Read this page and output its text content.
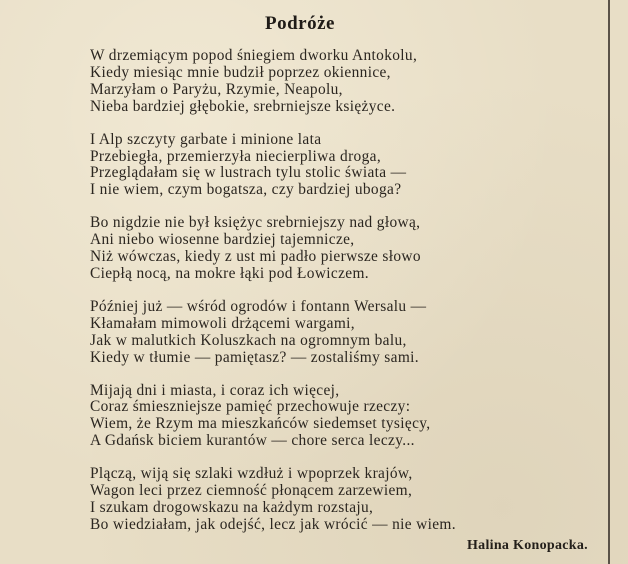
Podróże
W drzemiącym popod śniegiem dworku Antokolu,
Kiedy miesiąc mnie budził poprzez okiennice,
Marzyłam o Paryżu, Rzymie, Neapolu,
Nieba bardziej głębokie, srebrniejsze księżyce.
I Alp szczyty garbate i minione lata
Przebiegła, przemierzyła niecierpliwa droga,
Przeglądałam się w lustrach tylu stolic świata —
I nie wiem, czym bogatsza, czy bardziej uboga?
Bo nigdzie nie był księżyc srebrniejszy nad głową,
Ani niebo wiosenne bardziej tajemnicze,
Niż wówczas, kiedy z ust mi padło pierwsze słowo
Ciepłą nocą, na mokre łąki pod Łowiczem.
Później już — wśród ogrodów i fontann Wersalu —
Kłamałam mimowoli drżącemi wargami,
Jak w malutkich Koluszkach na ogromnym balu,
Kiedy w tłumie — pamiętasz? — zostaliśmy sami.
Mijają dni i miasta, i coraz ich więcej,
Coraz śmieszniejsze pamięć przechowuje rzeczy:
Wiem, że Rzym ma mieszkańców siedemset tysięcy,
A Gdańsk biciem kurantów — chore serca leczy...
Plączą, wiją się szlaki wzdłuż i wpoprzek krajów,
Wagon leci przez ciemność płonącem zarzewiem,
I szukam drogowskazu na każdym rozstaju,
Bo wiedziałam, jak odejść, lecz jak wrócić — nie wiem.
Halina Konopacka.
